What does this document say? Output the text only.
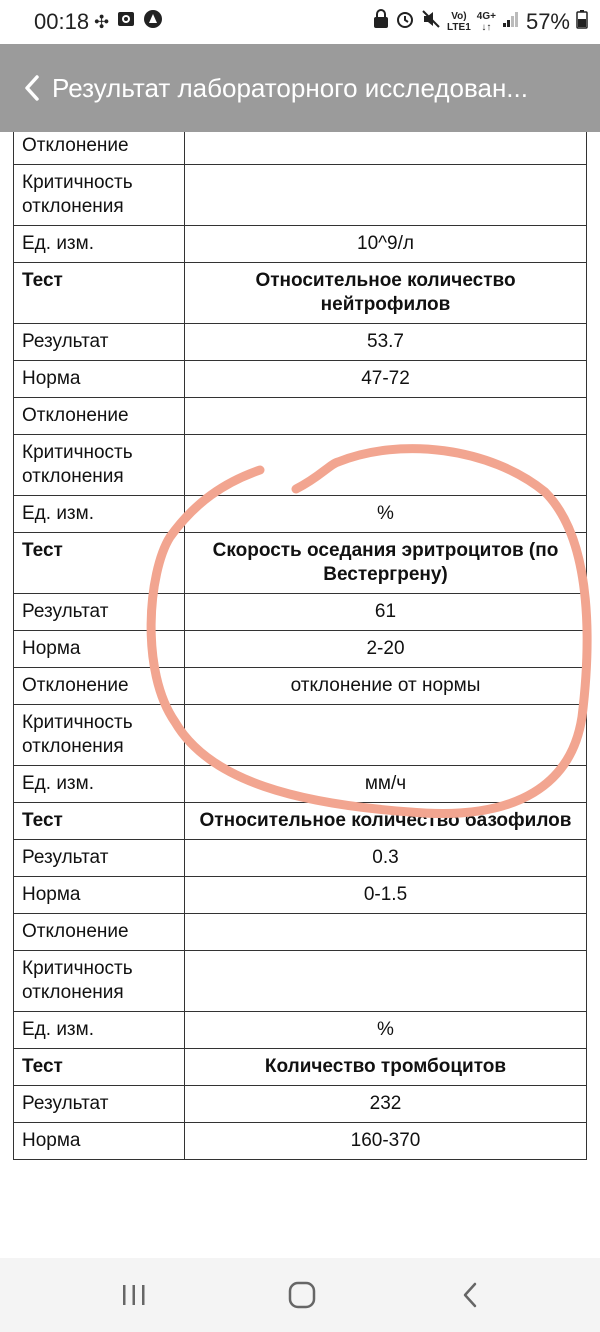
00:18 ✣	Vo)
LTE1
4G+
↓↑ 57%
Результат лабораторного исследован...
Отклонение	
Критичность отклонения	
Ед. изм.	10^9/л
Тест	Относительное количество нейтрофилов
Результат	53.7
Норма	47-72
Отклонение	
Критичность отклонения	
Ед. изм.	%
Тест	Скорость оседания эритроцитов (по Вестергрену)
Результат	61
Норма	2-20
Отклонение	отклонение от нормы
Критичность отклонения	
Ед. изм.	мм/ч
Тест	Относительное количество базофилов
Результат	0.3
Норма	0-1.5
Отклонение	
Критичность отклонения	
Ед. изм.	%
Тест	Количество тромбоцитов
Результат	232
Норма	160-370
